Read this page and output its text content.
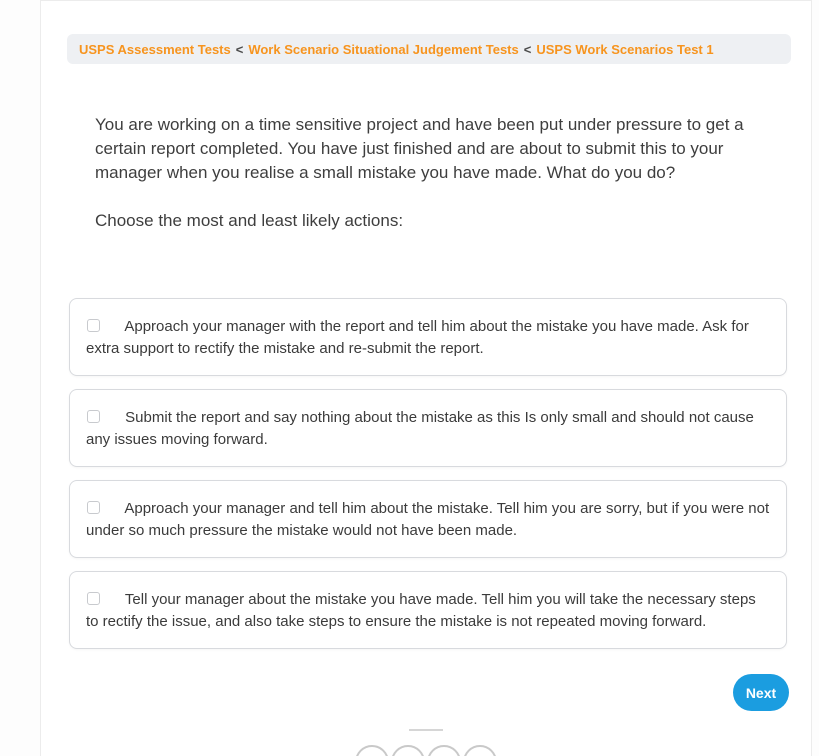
USPS Assessment Tests < Work Scenario Situational Judgement Tests < USPS Work Scenarios Test 1

You are working on a time sensitive project and have been put under pressure to get a certain report completed. You have just finished and are about to submit this to your manager when you realise a small mistake you have made. What do you do?

Choose the most and least likely actions:

Approach your manager with the report and tell him about the mistake you have made. Ask for extra support to rectify the mistake and re-submit the report.
Submit the report and say nothing about the mistake as this Is only small and should not cause any issues moving forward.
Approach your manager and tell him about the mistake. Tell him you are sorry, but if you were not under so much pressure the mistake would not have been made.
Tell your manager about the mistake you have made. Tell him you will take the necessary steps to rectify the issue, and also take steps to ensure the mistake is not repeated moving forward.
Next
